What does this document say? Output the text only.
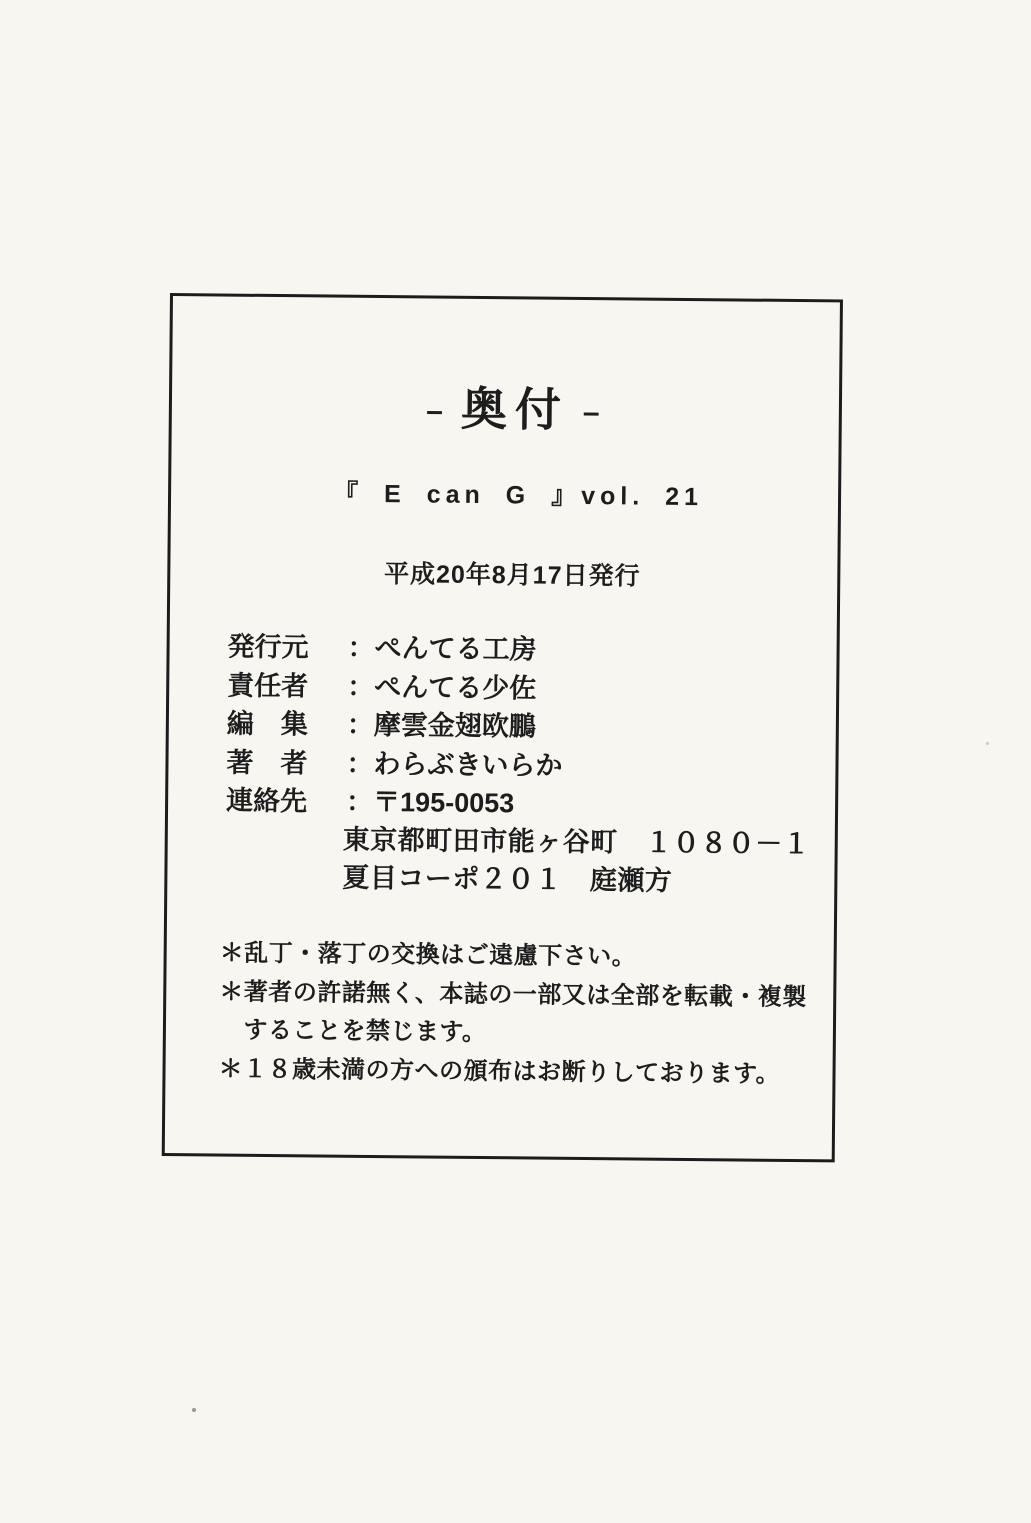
– 奥付 –
『 E can G 』vol. 21
平成20年8月17日発行
発行元 ：ぺんてる工房
責任者 ：ぺんてる少佐
編　集 ：摩雲金翅欧鵬
著　者 ：わらぶきいらか
連絡先 ：〒195-0053
東京都町田市能ヶ谷町　１０８０－１
夏目コーポ２０１　庭瀬方
＊乱丁・落丁の交換はご遠慮下さい。
＊著者の許諾無く、本誌の一部又は全部を転載・複製
　することを禁じます。
＊１８歳未満の方への頒布はお断りしております。
